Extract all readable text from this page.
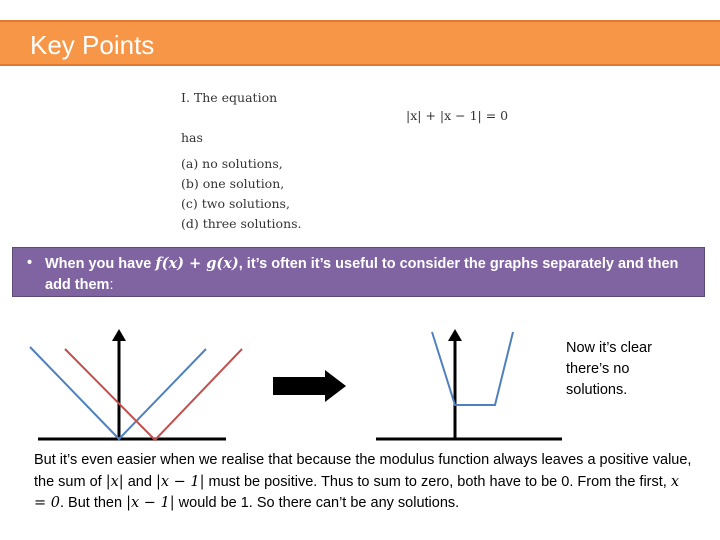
Key Points
I. The equation
has
(a) no solutions,
(b) one solution,
(c) two solutions,
(d) three solutions.
|x| + |x − 1| = 0
• When you have f(x) + g(x), it’s often it’s useful to consider the graphs separately and then add them:
Now it’s clear there’s no solutions.
But it’s even easier when we realise that because the modulus function always leaves a positive value, the sum of |x| and |x − 1| must be positive. Thus to sum to zero, both have to be 0. From the first, x = 0. But then |x − 1| would be 1. So there can’t be any solutions.
